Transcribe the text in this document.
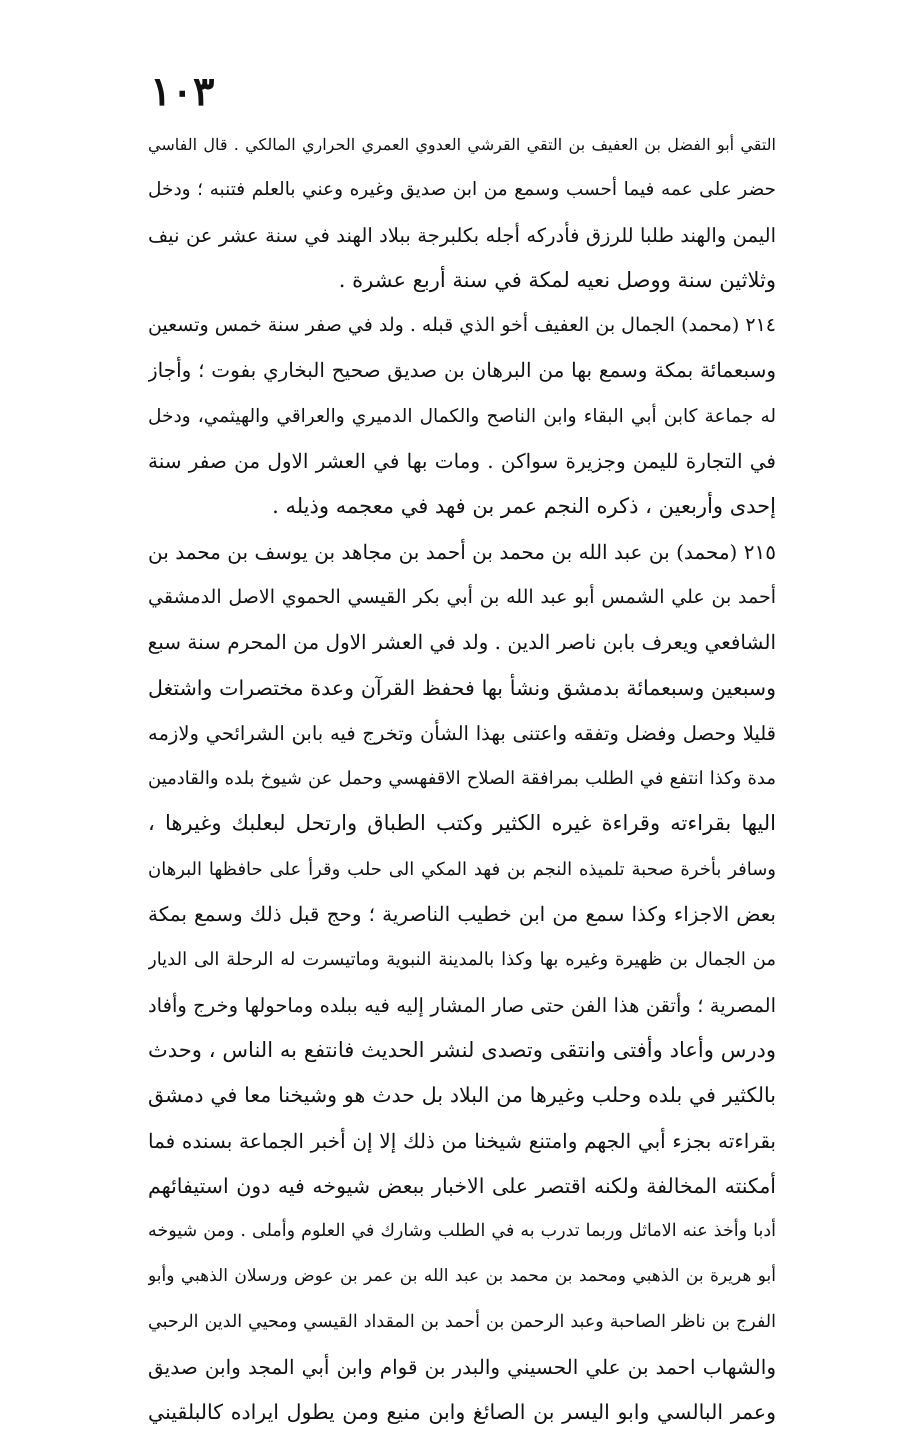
١٠٣
التقي أبو الفضل بن العفيف بن التقي القرشي العدوي العمري الحراري المالكي . قال الفاسي
حضر على عمه فيما أحسب وسمع من ابن صديق وغيره وعني بالعلم فتنبه ؛ ودخل
اليمن والهند طلبا للرزق فأدركه أجله بكلبرجة ببلاد الهند في سنة عشر عن نيف
وثلاثين سنة ووصل نعيه لمكة في سنة أربع عشرة .
٢١٤ (محمد) الجمال بن العفيف أخو الذي قبله . ولد في صفر سنة خمس وتسعين
وسبعمائة بمكة وسمع بها من البرهان بن صديق صحيح البخاري بفوت ؛ وأجاز
له جماعة كابن أبي البقاء وابن الناصح والكمال الدميري والعراقي والهيثمي، ودخل
في التجارة لليمن وجزيرة سواكن . ومات بها في العشر الاول من صفر سنة
إحدى وأربعين ، ذكره النجم عمر بن فهد في معجمه وذيله .
٢١٥ (محمد) بن عبد الله بن محمد بن أحمد بن مجاهد بن يوسف بن محمد بن
أحمد بن علي الشمس أبو عبد الله بن أبي بكر القيسي الحموي الاصل الدمشقي
الشافعي ويعرف بابن ناصر الدين . ولد في العشر الاول من المحرم سنة سبع
وسبعين وسبعمائة بدمشق ونشأ بها فحفظ القرآن وعدة مختصرات واشتغل
قليلا وحصل وفضل وتفقه واعتنى بهذا الشأن وتخرج فيه بابن الشرائحي ولازمه
مدة وكذا انتفع في الطلب بمرافقة الصلاح الاقفهسي وحمل عن شيوخ بلده والقادمين
اليها بقراءته وقراءة غيره الكثير وكتب الطباق وارتحل لبعلبك وغيرها ،
وسافر بأخرة صحبة تلميذه النجم بن فهد المكي الى حلب وقرأ على حافظها البرهان
بعض الاجزاء وكذا سمع من ابن خطيب الناصرية ؛ وحج قبل ذلك وسمع بمكة
من الجمال بن ظهيرة وغيره بها وكذا بالمدينة النبوية وماتيسرت له الرحلة الى الديار
المصرية ؛ وأتقن هذا الفن حتى صار المشار إليه فيه ببلده وماحولها وخرج وأفاد
ودرس وأعاد وأفتى وانتقى وتصدى لنشر الحديث فانتفع به الناس ، وحدث
بالكثير في بلده وحلب وغيرها من البلاد بل حدث هو وشيخنا معا في دمشق
بقراءته بجزء أبي الجهم وامتنع شيخنا من ذلك إلا إن أخبر الجماعة بسنده فما
أمكنته المخالفة ولكنه اقتصر على الاخبار ببعض شيوخه فيه دون استيفائهم
أدبا وأخذ عنه الاماثل وربما تدرب به في الطلب وشارك في العلوم وأملى . ومن شيوخه
أبو هريرة بن الذهبي ومحمد بن محمد بن عبد الله بن عمر بن عوض ورسلان الذهبي وأبو
الفرج بن ناظر الصاحبة وعبد الرحمن بن أحمد بن المقداد القيسي ومحيي الدين الرحبي
والشهاب احمد بن علي الحسيني والبدر بن قوام وابن أبي المجد وابن صديق
وعمر البالسي وابو اليسر بن الصائغ وابن منيع ومن يطول ايراده كالبلقيني
